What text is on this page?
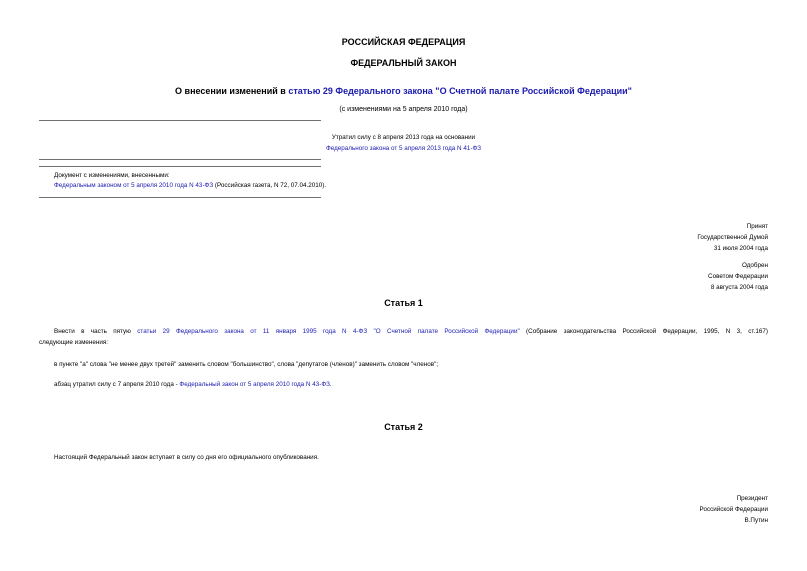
РОССИЙСКАЯ ФЕДЕРАЦИЯ
ФЕДЕРАЛЬНЫЙ ЗАКОН
О внесении изменений в статью 29 Федерального закона "О Счетной палате Российской Федерации"
(с изменениями на 5 апреля 2010 года)
Утратил силу с 8 апреля 2013 года на основании
Федерального закона от 5 апреля 2013 года N 41-ФЗ
Документ с изменениями, внесенными:
Федеральным законом от 5 апреля 2010 года N 43-ФЗ (Российская газета, N 72, 07.04.2010).
Принят
Государственной Думой
31 июля 2004 года
Одобрен
Советом Федерации
8 августа 2004 года
Статья 1
Внести в часть пятую статьи 29 Федерального закона от 11 января 1995 года N 4-ФЗ "О Счетной палате Российской Федерации" (Собрание законодательства Российской Федерации, 1995, N 3, ст.167)
следующие изменения:
в пункте "а" слова "не менее двух третей" заменить словом "большинство", слова "депутатов (членов)" заменить словом "членов";
абзац утратил силу с 7 апреля 2010 года - Федеральный закон от 5 апреля 2010 года N 43-ФЗ.
Статья 2
Настоящий Федеральный закон вступает в силу со дня его официального опубликования.
Президент
Российской Федерации
В.Путин
